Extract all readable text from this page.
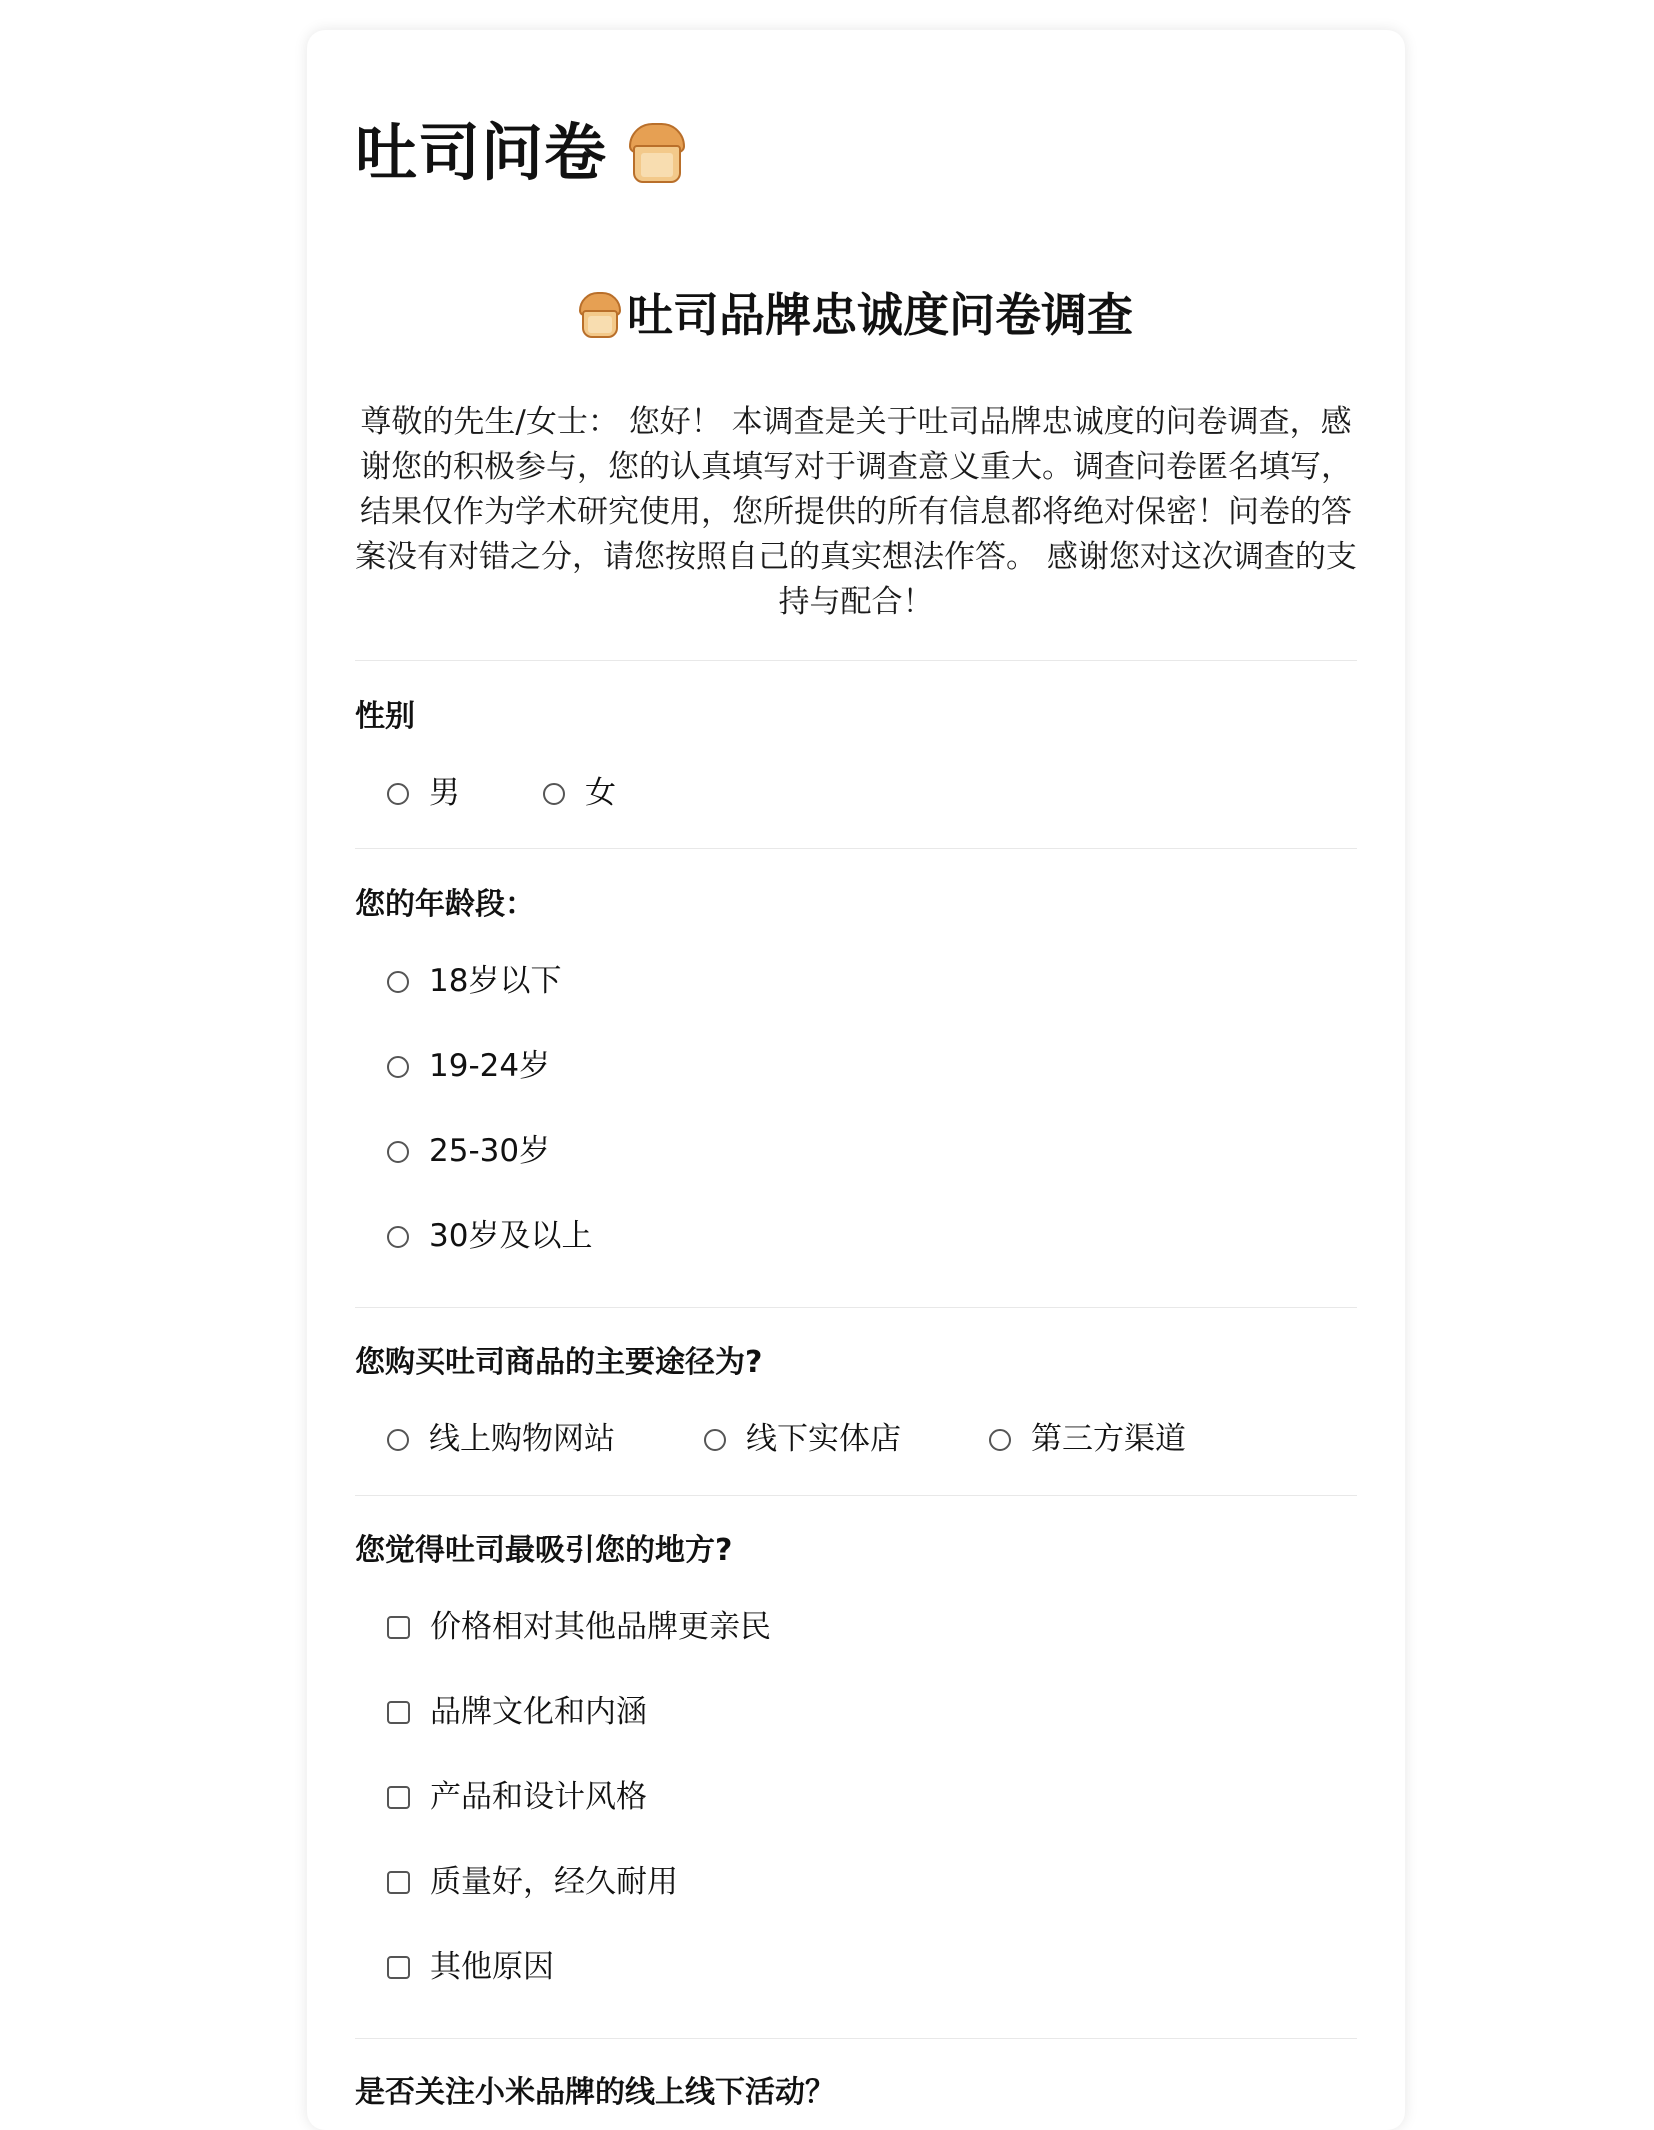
吐司问卷
吐司品牌忠诚度问卷调查

尊敬的先生/女士： 您好！ 本调查是关于吐司品牌忠诚度的问卷调查，感谢您的积极参与，您的认真填写对于调查意义重大。调查问卷匿名填写，结果仅作为学术研究使用，您所提供的所有信息都将绝对保密！问卷的答案没有对错之分，请您按照自己的真实想法作答。 感谢您对这次调查的支持与配合！

性别

男	女

您的年龄段：

18岁以下
19-24岁
25-30岁
30岁及以上

您购买吐司商品的主要途径为?

线上购物网站	线下实体店	第三方渠道

您觉得吐司最吸引您的地方?

价格相对其他品牌更亲民
品牌文化和内涵
产品和设计风格
质量好，经久耐用
其他原因

是否关注小米品牌的线上线下活动？
